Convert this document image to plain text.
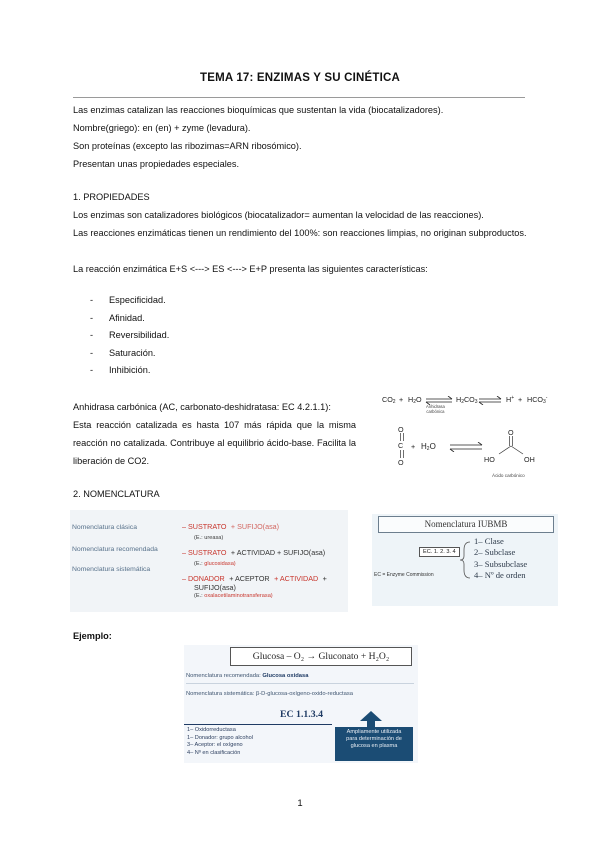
TEMA 17: ENZIMAS Y SU CINÉTICA
Las enzimas catalizan las reacciones bioquímicas que sustentan la vida (biocatalizadores).
Nombre(griego): en (en) + zyme (levadura).
Son proteínas (excepto las ribozimas=ARN ribosómico).
Presentan unas propiedades especiales.
1. PROPIEDADES
Los enzimas son catalizadores biológicos (biocatalizador= aumentan la velocidad de las reacciones).
Las reacciones enzimáticas tienen un rendimiento del 100%: son reacciones limpias, no originan subproductos.
La reacción enzimática E+S <---> ES <---> E+P presenta las siguientes características:
- Especificidad.
- Afinidad.
- Reversibilidad.
- Saturación.
- Inhibición.
Anhidrasa carbónica (AC, carbonato-deshidratasa: EC 4.2.1.1):
Esta reacción catalizada es hasta 107 más rápida que la misma reacción no catalizada. Contribuye al equilibrio ácido-base. Facilita la liberación de CO2.
$CO_2 + H_2O$ ⇌
Anhidrasa
carbónica
$H_2CO_3$ ⇌ $H^+ + HCO_3^-$
O
C
O
+ $H_2O$
O
HO	OH
Ácido carbónico
2. NOMENCLATURA
Nomenclatura clásica
Nomenclatura recomendada
Nomenclatura sistemática
– SUSTRATO + SUFIJO(asa)
(E.: ureasa)
– SUSTRATO + ACTIVIDAD + SUFIJO(asa)
(E.: glucosidasa)
– DONADOR + ACEPTOR + ACTIVIDAD +
SUFIJO(asa)
(E.: oxalacetilaminotransferasa)
Nomenclatura IUBMB
EC. 1. 2. 3. 4
EC = Enzyme Commission
1– Clase
2– Subclase
3– Subsubclase
4– Nº de orden
Ejemplo:
Glucosa – O₂ → Gluconato + H₂O₂
Nomenclatura recomendada: Glucosa oxidasa
Nomenclatura sistemática: β-D-glucosa-oxígeno-oxido-reductasa
EC 1.1.3.4
1– Oxidorreductasa
1– Donador: grupo alcohol
3– Aceptor: el oxígeno
4– Nº en clasificación
Ampliamente utilizada
para determinación de
glucosa en plasma
1
